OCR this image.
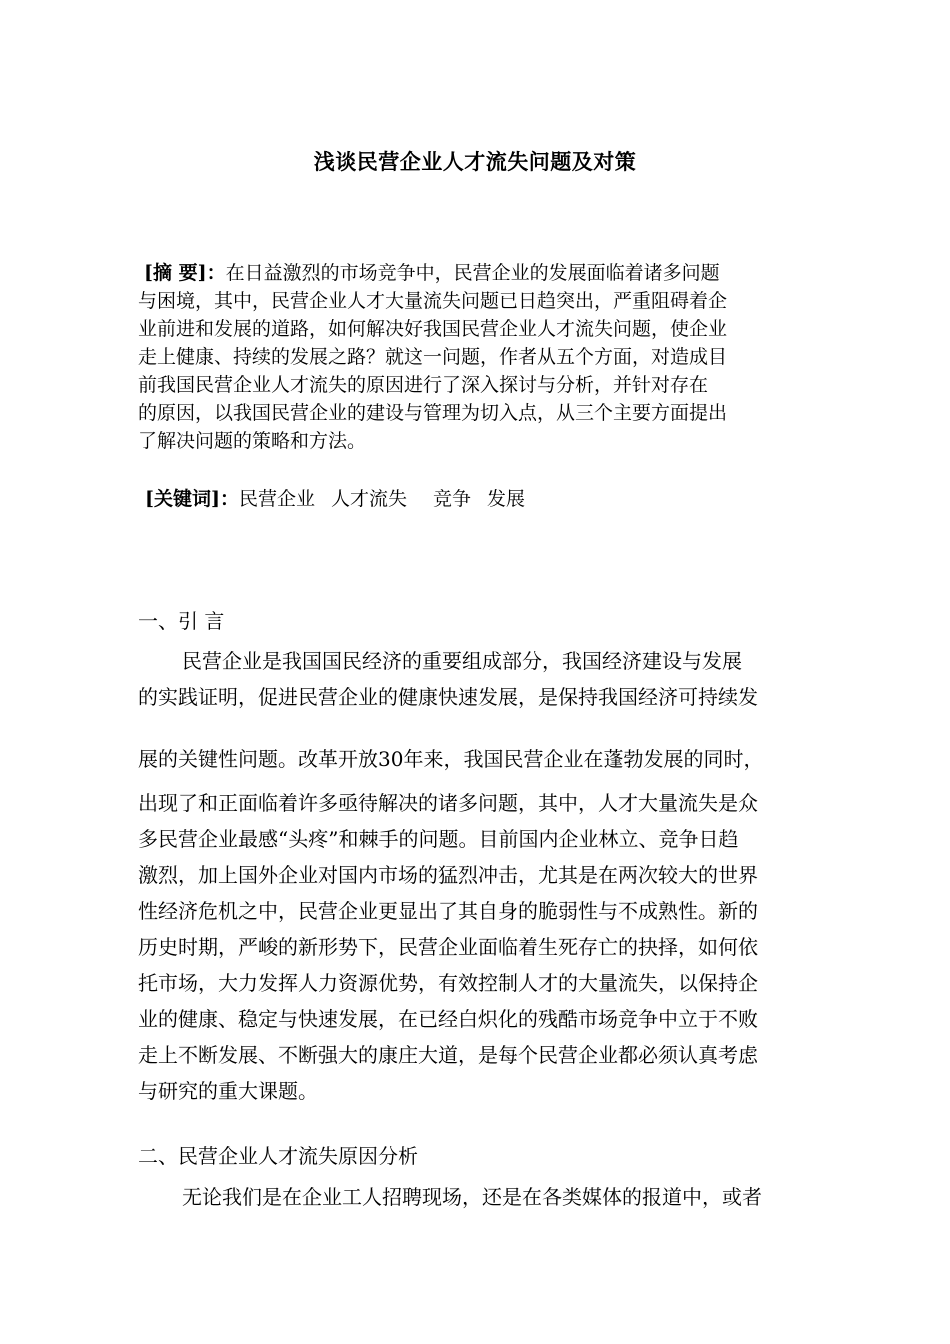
浅谈民营企业人才流失问题及对策
[摘 要]：在日益激烈的市场竞争中，民营企业的发展面临着诸多问题
与困境，其中，民营企业人才大量流失问题已日趋突出，严重阻碍着企
业前进和发展的道路，如何解决好我国民营企业人才流失问题，使企业
走上健康、持续的发展之路？就这一问题，作者从五个方面，对造成目
前我国民营企业人才流失的原因进行了深入探讨与分析，并针对存在
的原因，以我国民营企业的建设与管理为切入点，从三个主要方面提出
了解决问题的策略和方法。
[关键词]：民营企业 人才流失 竞争 发展
一、引 言
民营企业是我国国民经济的重要组成部分，我国经济建设与发展
的实践证明，促进民营企业的健康快速发展，是保持我国经济可持续发
展的关键性问题。改革开放30年来，我国民营企业在蓬勃发展的同时，
出现了和正面临着许多亟待解决的诸多问题，其中，人才大量流失是众
多民营企业最感“头疼”和棘手的问题。目前国内企业林立、竞争日趋
激烈，加上国外企业对国内市场的猛烈冲击，尤其是在两次较大的世界
性经济危机之中，民营企业更显出了其自身的脆弱性与不成熟性。新的
历史时期，严峻的新形势下，民营企业面临着生死存亡的抉择，如何依
托市场，大力发挥人力资源优势，有效控制人才的大量流失，以保持企
业的健康、稳定与快速发展，在已经白炽化的残酷市场竞争中立于不败
走上不断发展、不断强大的康庄大道，是每个民营企业都必须认真考虑
与研究的重大课题。
二、民营企业人才流失原因分析
无论我们是在企业工人招聘现场，还是在各类媒体的报道中，或者
